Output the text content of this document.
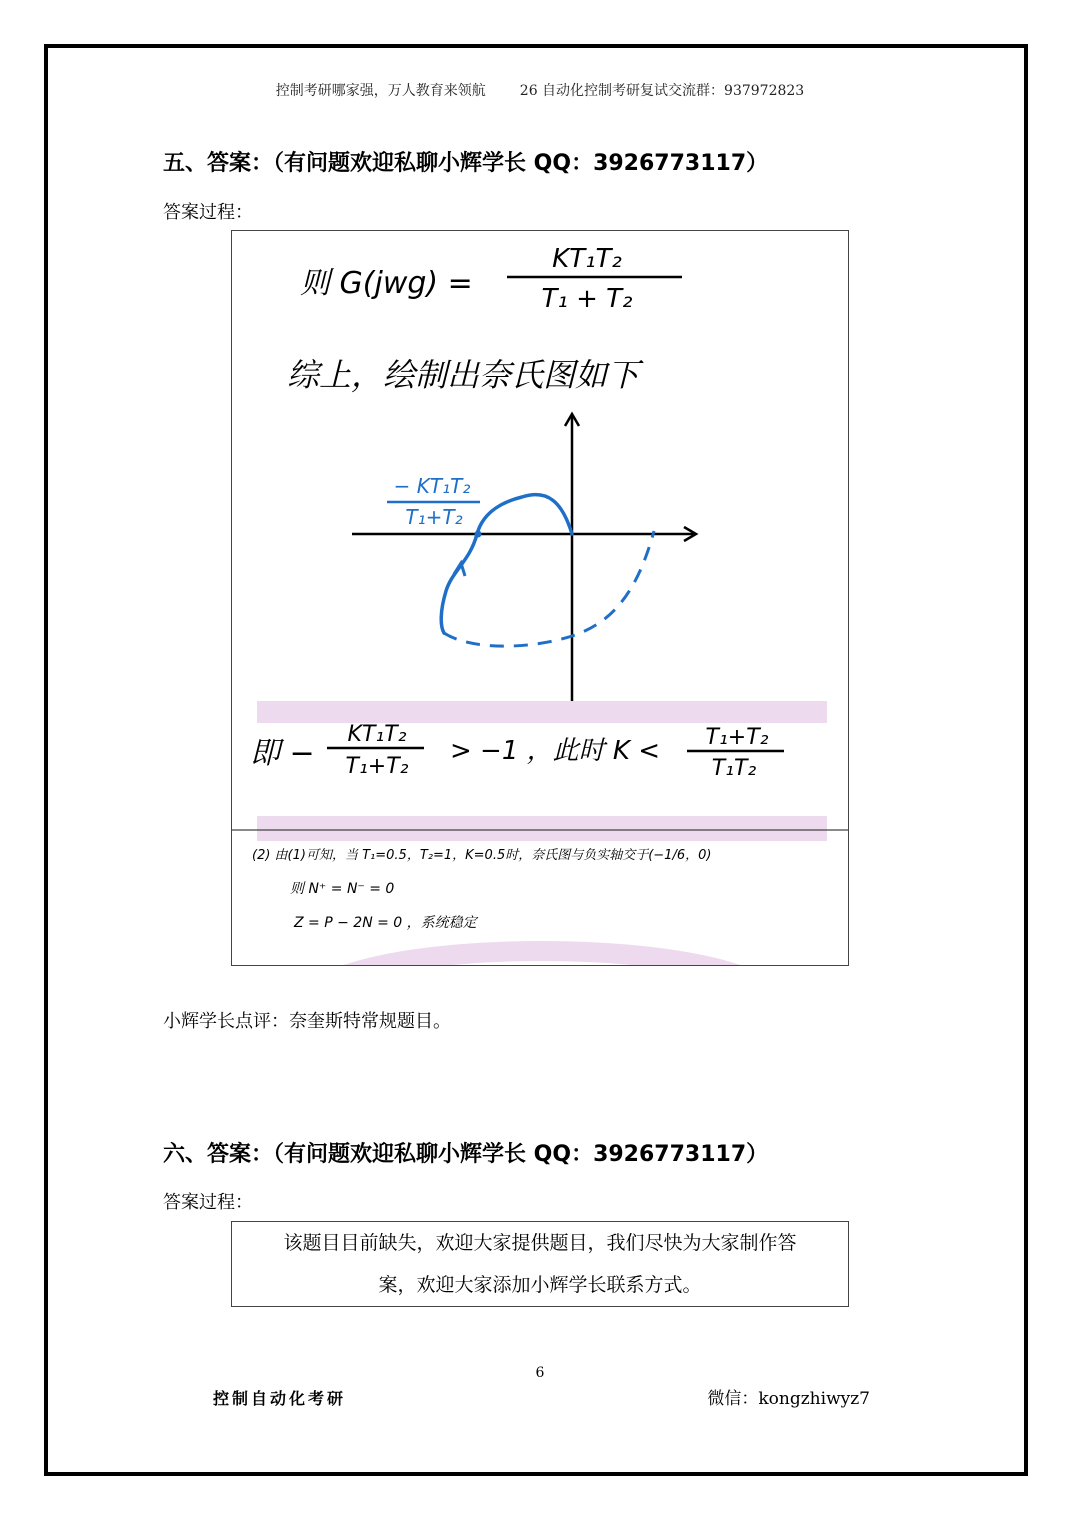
控制考研哪家强，万人教育来领航 26 自动化控制考研复试交流群：937972823
五、答案：（有问题欢迎私聊小辉学长 QQ：3926773117）
答案过程：
则 G(jwg) =
KT₁T₂
T₁ + T₂
综上，绘制出奈氏图如下
− KT₁T₂
T₁+T₂
即 −
KT₁T₂
T₁+T₂
> −1 ，此时 K < T₁+T₂
T₁T₂
(2) 由(1)可知，当 T₁=0.5，T₂=1，K=0.5时，奈氏图与负实轴交于(−1/6，0)
则 N⁺ = N⁻ = 0
Z = P − 2N = 0 ，系统稳定
小辉学长点评：奈奎斯特常规题目。
六、答案：（有问题欢迎私聊小辉学长 QQ：3926773117）
答案过程：
该题目目前缺失，欢迎大家提供题目，我们尽快为大家制作答
案，欢迎大家添加小辉学长联系方式。
6
控制自动化考研	微信：kongzhiwyz7
